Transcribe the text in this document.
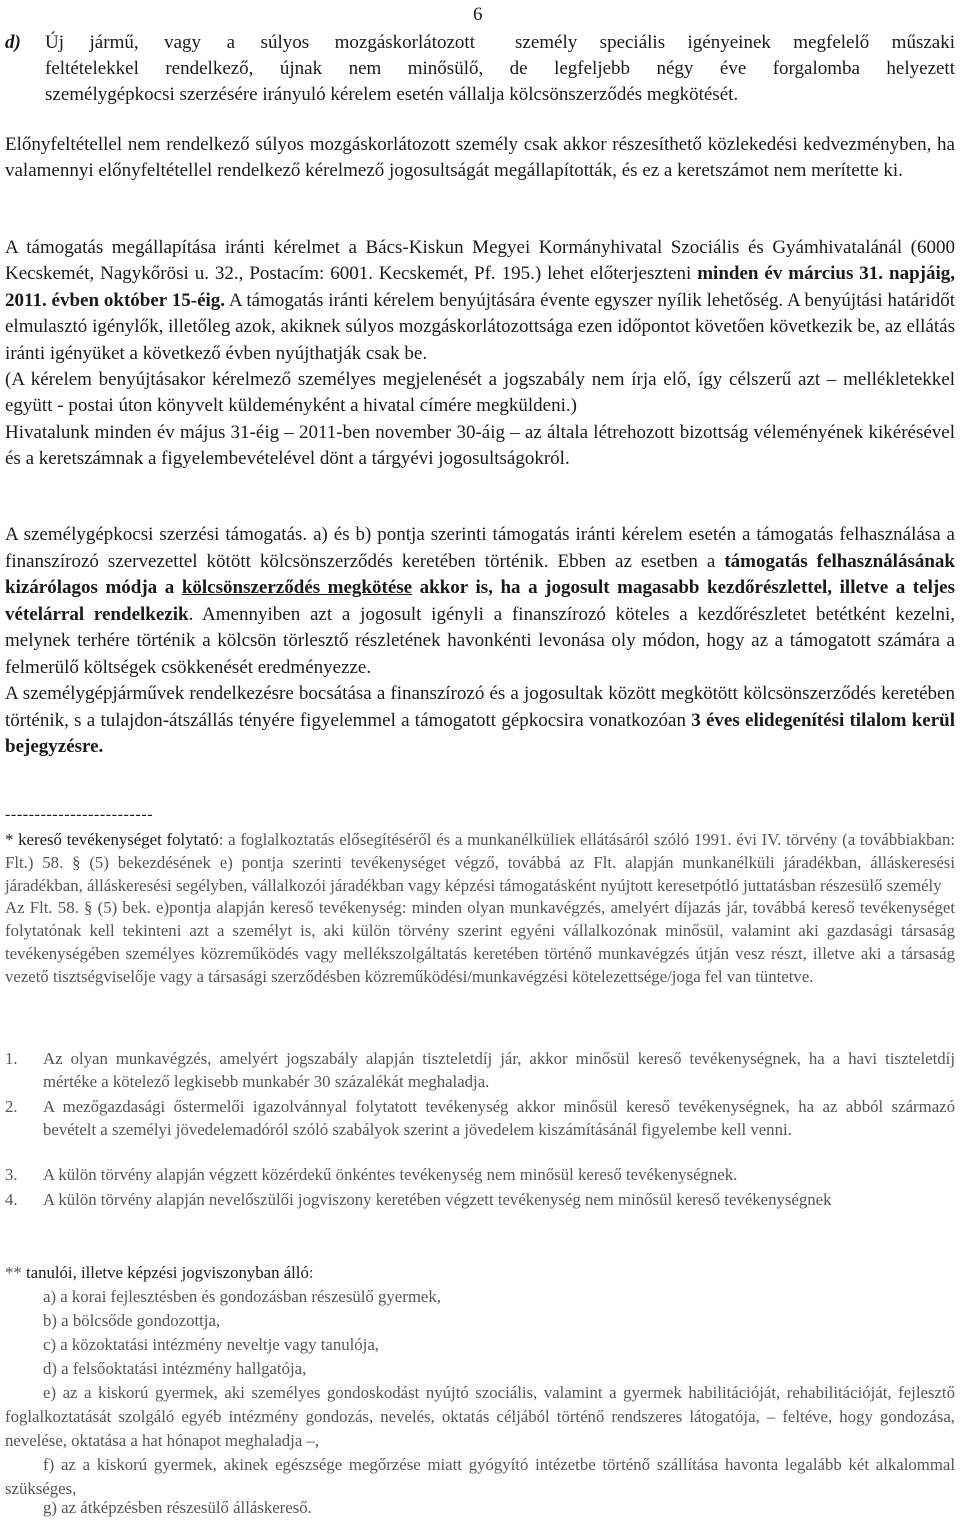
6
d) Új jármű, vagy a súlyos mozgáskorlátozott személy speciális igényeinek megfelelő műszaki
feltételekkel rendelkező, újnak nem minősülő, de legfeljebb négy éve forgalomba helyezett
személygépkocsi szerzésére irányuló kérelem esetén vállalja kölcsönszerződés megkötését.

Előnyfeltétellel nem rendelkező súlyos mozgáskorlátozott személy csak akkor részesíthető közlekedési kedvezményben, ha valamennyi előnyfeltétellel rendelkező kérelmező jogosultságát megállapították, és ez a keretszámot nem merítette ki.

A támogatás megállapítása iránti kérelmet a Bács-Kiskun Megyei Kormányhivatal Szociális és Gyámhivatalánál (6000 Kecskemét, Nagykőrösi u. 32., Postacím: 6001. Kecskemét, Pf. 195.) lehet előterjeszteni minden év március 31. napjáig, 2011. évben október 15-éig. A támogatás iránti kérelem benyújtására évente egyszer nyílik lehetőség. A benyújtási határidőt elmulasztó igénylők, illetőleg azok, akiknek súlyos mozgáskorlátozottsága ezen időpontot követően következik be, az ellátás iránti igényüket a következő évben nyújthatják csak be.
(A kérelem benyújtásakor kérelmező személyes megjelenését a jogszabály nem írja elő, így célszerű azt – mellékletekkel együtt - postai úton könyvelt küldeményként a hivatal címére megküldeni.)
Hivatalunk minden év május 31-éig – 2011-ben november 30-áig – az általa létrehozott bizottság véleményének kikérésével és a keretszámnak a figyelembevételével dönt a tárgyévi jogosultságokról.
A személygépkocsi szerzési támogatás. a) és b) pontja szerinti támogatás iránti kérelem esetén a támogatás felhasználása a finanszírozó szervezettel kötött kölcsönszerződés keretében történik. Ebben az esetben a támogatás felhasználásának kizárólagos módja a kölcsönszerződés megkötése akkor is, ha a jogosult magasabb kezdőrészlettel, illetve a teljes vételárral rendelkezik. Amennyiben azt a jogosult igényli a finanszírozó köteles a kezdőrészletet betétként kezelni, melynek terhére történik a kölcsön törlesztő részletének havonkénti levonása oly módon, hogy az a támogatott számára a felmerülő költségek csökkenését eredményezze.
A személygépjárművek rendelkezésre bocsátása a finanszírozó és a jogosultak között megkötött kölcsönszerződés keretében történik, s a tulajdon-átszállás tényére figyelemmel a támogatott gépkocsira vonatkozóan 3 éves elidegenítési tilalom kerül bejegyzésre.
-------------------------
* kereső tevékenységet folytató: a foglalkoztatás elősegítéséről és a munkanélküliek ellátásáról szóló 1991. évi IV. törvény (a továbbiakban: Flt.) 58. § (5) bekezdésének e) pontja szerinti tevékenységet végző, továbbá az Flt. alapján munkanélküli járadékban, álláskeresési járadékban, álláskeresési segélyben, vállalkozói járadékban vagy képzési támogatásként nyújtott keresetpótló juttatásban részesülő személy
Az Flt. 58. § (5) bek. e)pontja alapján kereső tevékenység: minden olyan munkavégzés, amelyért díjazás jár, továbbá kereső tevékenységet folytatónak kell tekinteni azt a személyt is, aki külön törvény szerint egyéni vállalkozónak minősül, valamint aki gazdasági társaság tevékenységében személyes közreműködés vagy mellékszolgáltatás keretében történő munkavégzés útján vesz részt, illetve aki a társaság vezető tisztségviselője vagy a társasági szerződésben közreműködési/munkavégzési kötelezettsége/joga fel van tüntetve.
1. Az olyan munkavégzés, amelyért jogszabály alapján tiszteletdíj jár, akkor minősül kereső tevékenységnek, ha a havi tiszteletdíj mértéke a kötelező legkisebb munkabér 30 százalékát meghaladja.
2. A mezőgazdasági őstermelői igazolvánnyal folytatott tevékenység akkor minősül kereső tevékenységnek, ha az abból származó bevételt a személyi jövedelemadóról szóló szabályok szerint a jövedelem kiszámításánál figyelembe kell venni.
3. A külön törvény alapján végzett közérdekű önkéntes tevékenység nem minősül kereső tevékenységnek.
4. A külön törvény alapján nevelőszülői jogviszony keretében végzett tevékenység nem minősül kereső tevékenységnek
** tanulói, illetve képzési jogviszonyban álló:
a) a korai fejlesztésben és gondozásban részesülő gyermek,
b) a bölcsőde gondozottja,
c) a közoktatási intézmény neveltje vagy tanulója,
d) a felsőoktatási intézmény hallgatója,
e) az a kiskorú gyermek, aki személyes gondoskodást nyújtó szociális, valamint a gyermek habilitációját, rehabilitációját, fejlesztő foglalkoztatását szolgáló egyéb intézmény gondozás, nevelés, oktatás céljából történő rendszeres látogatója, – feltéve, hogy gondozása, nevelése, oktatása a hat hónapot meghaladja –,
f) az a kiskorú gyermek, akinek egészsége megőrzése miatt gyógyító intézetbe történő szállítása havonta legalább két alkalommal szükséges,
g) az átképzésben részesülő álláskereső.
